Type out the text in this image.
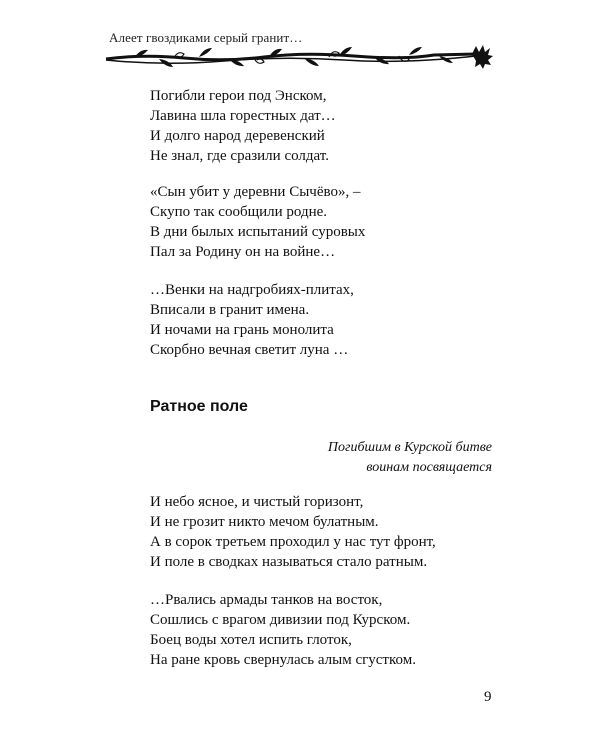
Алеет гвоздиками серый гранит…
Погибли герои под Энском,
Лавина шла горестных дат…
И долго народ деревенский
Не знал, где сразили солдат.
«Сын убит у деревни Сычёво», –
Скупо так сообщили родне.
В дни былых испытаний суровых
Пал за Родину он на войне…
…Венки на надгробиях-плитах,
Вписали в гранит имена.
И ночами на грань монолита
Скорбно вечная светит луна …
Ратное поле
Погибшим в Курской битве
воинам посвящается
И небо ясное, и чистый горизонт,
И не грозит никто мечом булатным.
А в сорок третьем проходил у нас тут фронт,
И поле в сводках называться стало ратным.
…Рвались армады танков на восток,
Сошлись с врагом дивизии под Курском.
Боец воды хотел испить глоток,
На ране кровь свернулась алым сгустком.
9
